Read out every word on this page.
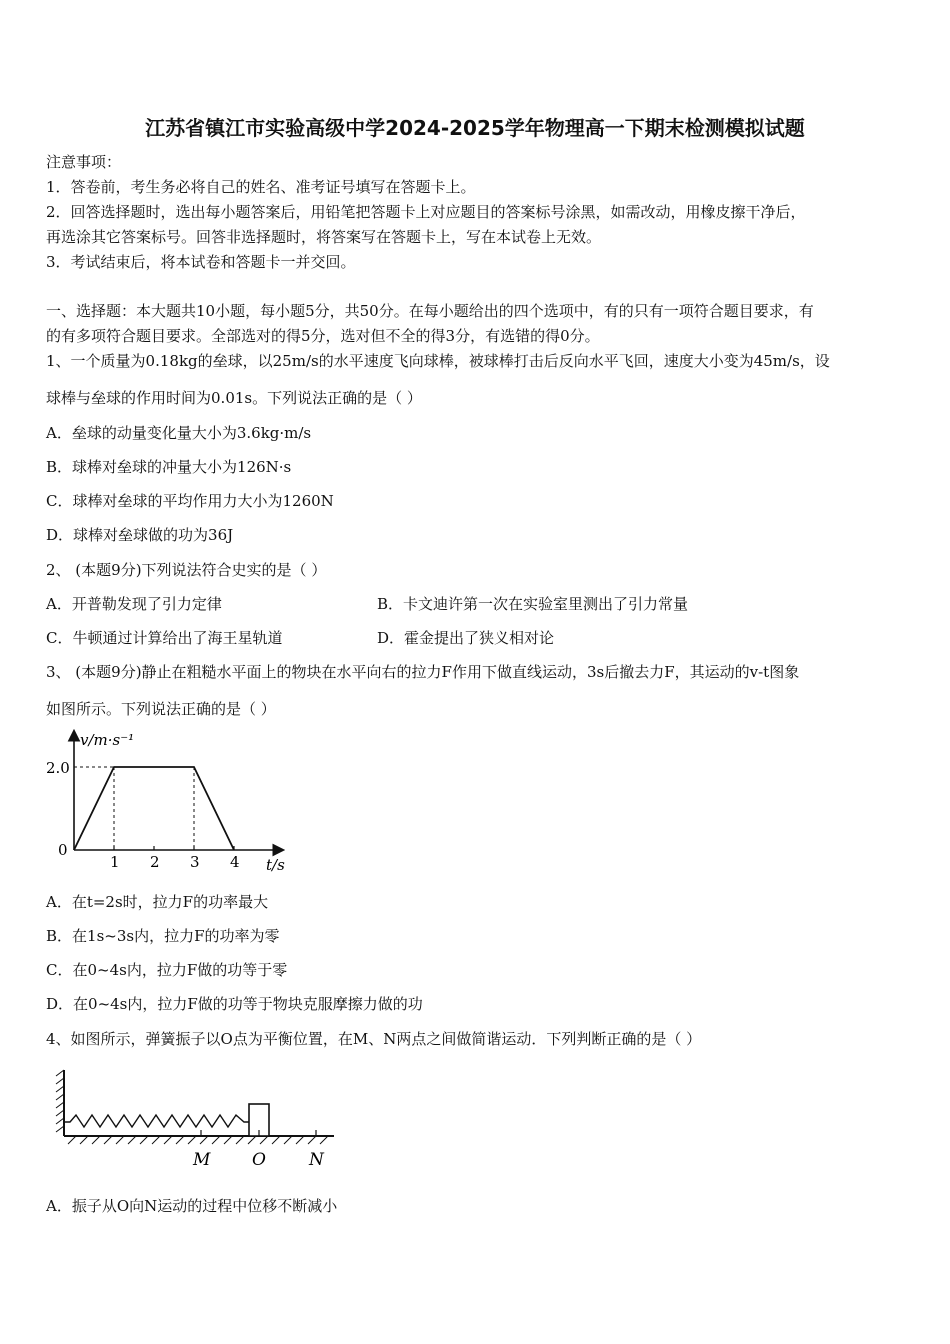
江苏省镇江市实验高级中学2024-2025学年物理高一下期末检测模拟试题
注意事项：
1．答卷前，考生务必将自己的姓名、准考证号填写在答题卡上。
2．回答选择题时，选出每小题答案后，用铅笔把答题卡上对应题目的答案标号涂黑，如需改动，用橡皮擦干净后，
再选涂其它答案标号。回答非选择题时，将答案写在答题卡上，写在本试卷上无效。
3．考试结束后，将本试卷和答题卡一并交回。
一、选择题：本大题共10小题，每小题5分，共50分。在每小题给出的四个选项中，有的只有一项符合题目要求，有
的有多项符合题目要求。全部选对的得5分，选对但不全的得3分，有选错的得0分。
1、一个质量为0.18kg的垒球，以25m/s的水平速度飞向球棒，被球棒打击后反向水平飞回，速度大小变为45m/s，设
球棒与垒球的作用时间为0.01s。下列说法正确的是（ ）
A．垒球的动量变化量大小为3.6kg·m/s
B．球棒对垒球的冲量大小为126N·s
C．球棒对垒球的平均作用力大小为1260N
D．球棒对垒球做的功为36J
2、 (本题9分)下列说法符合史实的是（ ）
A．开普勒发现了引力定律	B．卡文迪许第一次在实验室里测出了引力常量
C．牛顿通过计算给出了海王星轨道	D．霍金提出了狭义相对论
3、 (本题9分)静止在粗糙水平面上的物块在水平向右的拉力F作用下做直线运动，3s后撤去力F，其运动的v-t图象
如图所示。下列说法正确的是（ ）
v/m·s⁻¹
2.0
0
1 2 3 4 t/s
A．在t=2s时，拉力F的功率最大
B．在1s~3s内，拉力F的功率为零
C．在0~4s内，拉力F做的功等于零
D．在0~4s内，拉力F做的功等于物块克服摩擦力做的功
4、如图所示，弹簧振子以O点为平衡位置，在M、N两点之间做简谐运动．下列判断正确的是（ ）
M O	N
A．振子从O向N运动的过程中位移不断减小
